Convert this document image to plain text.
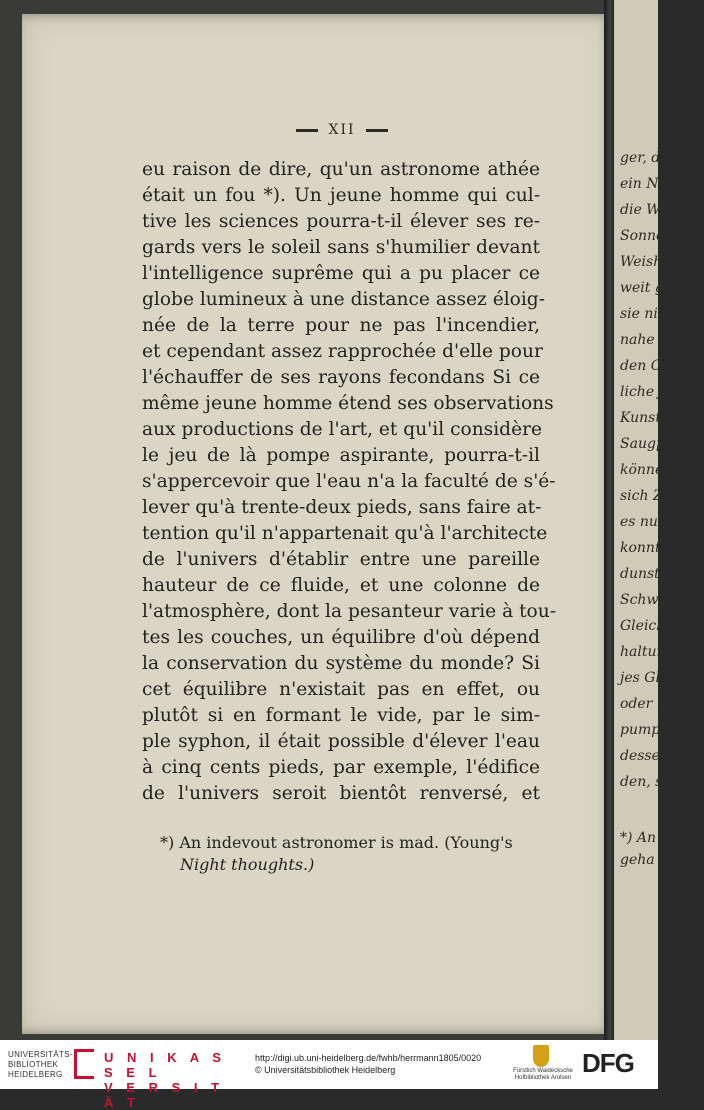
ger, daß ein
ein Narr
die Wiss
Sonne
Weisheit
weit ge
sie nicht
nahe
den C
liche J
Kunstpr
Saugpu
können,
sich Zu
es nur
konnt
dunst
Schwe
Gleich
haltung
jes Glei
oder m
pumpe
desselb
den, so
*) An in
geha
XII
eu raison de dire, qu'un astronome athée
était un fou *). Un jeune homme qui cul-
tive les sciences pourra-t-il élever ses re-
gards vers le soleil sans s'humilier devant
l'intelligence suprême qui a pu placer ce
globe lumineux à une distance assez éloig-
née de la terre pour ne pas l'incendier,
et cependant assez rapprochée d'elle pour
l'échauffer de ses rayons fecondans Si ce
même jeune homme étend ses observations
aux productions de l'art, et qu'il considère
le jeu de là pompe aspirante, pourra-t-il
s'appercevoir que l'eau n'a la faculté de s'é-
lever qu'à trente-deux pieds, sans faire at-
tention qu'il n'appartenait qu'à l'architecte
de l'univers d'établir entre une pareille
hauteur de ce fluide, et une colonne de
l'atmosphère, dont la pesanteur varie à tou-
tes les couches, un équilibre d'où dépend
la conservation du système du monde? Si
cet équilibre n'existait pas en effet, ou
plutôt si en formant le vide, par le sim-
ple syphon, il était possible d'élever l'eau
à cinq cents pieds, par exemple, l'édifice
de l'univers seroit bientôt renversé, et
*) An indevout astronomer is mad. (Young's
Night thoughts.)
UNIVERSITÄTS-
BIBLIOTHEK
HEIDELBERG
U N I K A S S E L
V E R S I T Ä T
http://digi.ub.uni-heidelberg.de/fwhb/herrmann1805/0020
© Universitätsbibliothek Heidelberg	Fürstlich Waldecksche Hofbibliothek Arolsen DFG
